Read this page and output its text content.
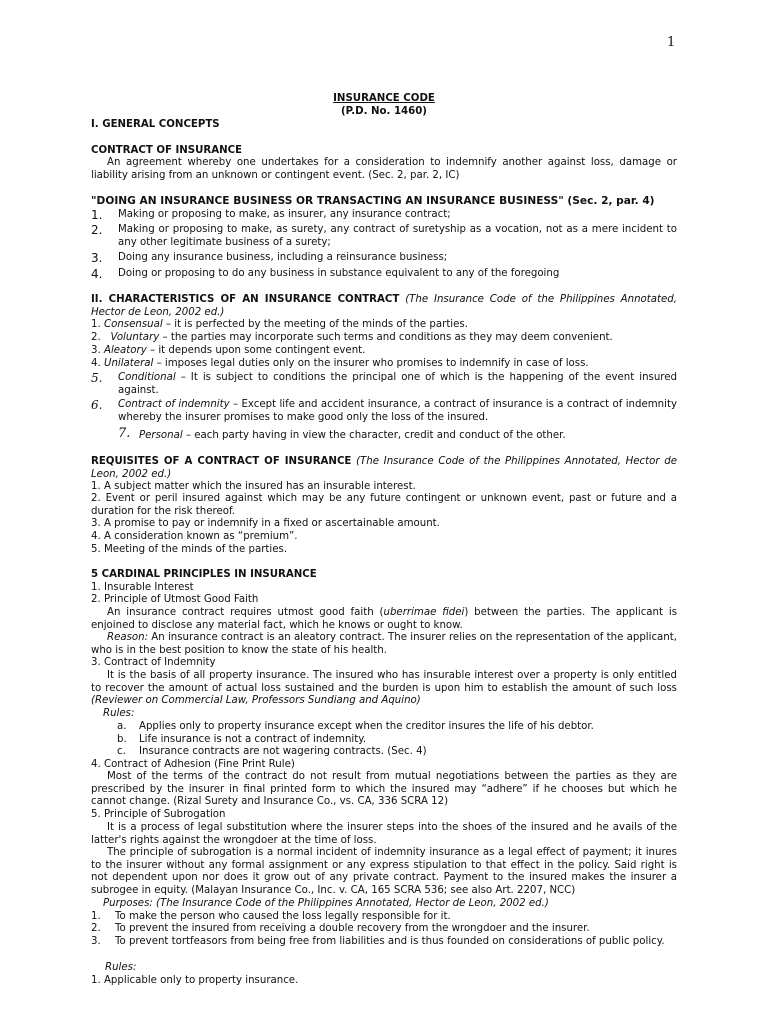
1
INSURANCE CODE
(P.D. No. 1460)
I. GENERAL CONCEPTS
CONTRACT OF INSURANCE
An agreement whereby one undertakes for a consideration to indemnify another against loss, damage or liability arising from an unknown or contingent event. (Sec. 2, par. 2, IC)
"DOING AN INSURANCE BUSINESS OR TRANSACTING AN INSURANCE BUSINESS" (Sec. 2, par. 4)
1. Making or proposing to make, as insurer, any insurance contract;
2. Making or proposing to make, as surety, any contract of suretyship as a vocation, not as a mere incident to any other legitimate business of a surety;
3. Doing any insurance business, including a reinsurance business;
4. Doing or proposing to do any business in substance equivalent to any of the foregoing
II. CHARACTERISTICS OF AN INSURANCE CONTRACT (The Insurance Code of the Philippines Annotated, Hector de Leon, 2002 ed.)
1. Consensual – it is perfected by the meeting of the minds of the parties.
2. Voluntary – the parties may incorporate such terms and conditions as they may deem convenient.
3. Aleatory – it depends upon some contingent event.
4. Unilateral – imposes legal duties only on the insurer who promises to indemnify in case of loss.
5. Conditional – It is subject to conditions the principal one of which is the happening of the event insured against.
6. Contract of indemnity – Except life and accident insurance, a contract of insurance is a contract of indemnity whereby the insurer promises to make good only the loss of the insured.
7. Personal – each party having in view the character, credit and conduct of the other.
REQUISITES OF A CONTRACT OF INSURANCE (The Insurance Code of the Philippines Annotated, Hector de Leon, 2002 ed.)
1. A subject matter which the insured has an insurable interest.
2. Event or peril insured against which may be any future contingent or unknown event, past or future and a duration for the risk thereof.
3. A promise to pay or indemnify in a fixed or ascertainable amount.
4. A consideration known as “premium”.
5. Meeting of the minds of the parties.
5 CARDINAL PRINCIPLES IN INSURANCE
1. Insurable Interest
2. Principle of Utmost Good Faith
An insurance contract requires utmost good faith (uberrimae fidei) between the parties. The applicant is enjoined to disclose any material fact, which he knows or ought to know.
Reason: An insurance contract is an aleatory contract. The insurer relies on the representation of the applicant, who is in the best position to know the state of his health.
3. Contract of Indemnity
It is the basis of all property insurance. The insured who has insurable interest over a property is only entitled to recover the amount of actual loss sustained and the burden is upon him to establish the amount of such loss (Reviewer on Commercial Law, Professors Sundiang and Aquino)
Rules:
a. Applies only to property insurance except when the creditor insures the life of his debtor.
b. Life insurance is not a contract of indemnity.
c. Insurance contracts are not wagering contracts. (Sec. 4)
4. Contract of Adhesion (Fine Print Rule)
Most of the terms of the contract do not result from mutual negotiations between the parties as they are prescribed by the insurer in final printed form to which the insured may “adhere” if he chooses but which he cannot change. (Rizal Surety and Insurance Co., vs. CA, 336 SCRA 12)
5. Principle of Subrogation
It is a process of legal substitution where the insurer steps into the shoes of the insured and he avails of the latter's rights against the wrongdoer at the time of loss.
The principle of subrogation is a normal incident of indemnity insurance as a legal effect of payment; it inures to the insurer without any formal assignment or any express stipulation to that effect in the policy. Said right is not dependent upon nor does it grow out of any private contract. Payment to the insured makes the insurer a subrogee in equity. (Malayan Insurance Co., Inc. v. CA, 165 SCRA 536; see also Art. 2207, NCC)
Purposes: (The Insurance Code of the Philippines Annotated, Hector de Leon, 2002 ed.)
1. To make the person who caused the loss legally responsible for it.
2. To prevent the insured from receiving a double recovery from the wrongdoer and the insurer.
3. To prevent tortfeasors from being free from liabilities and is thus founded on considerations of public policy.
Rules:
1. Applicable only to property insurance.
